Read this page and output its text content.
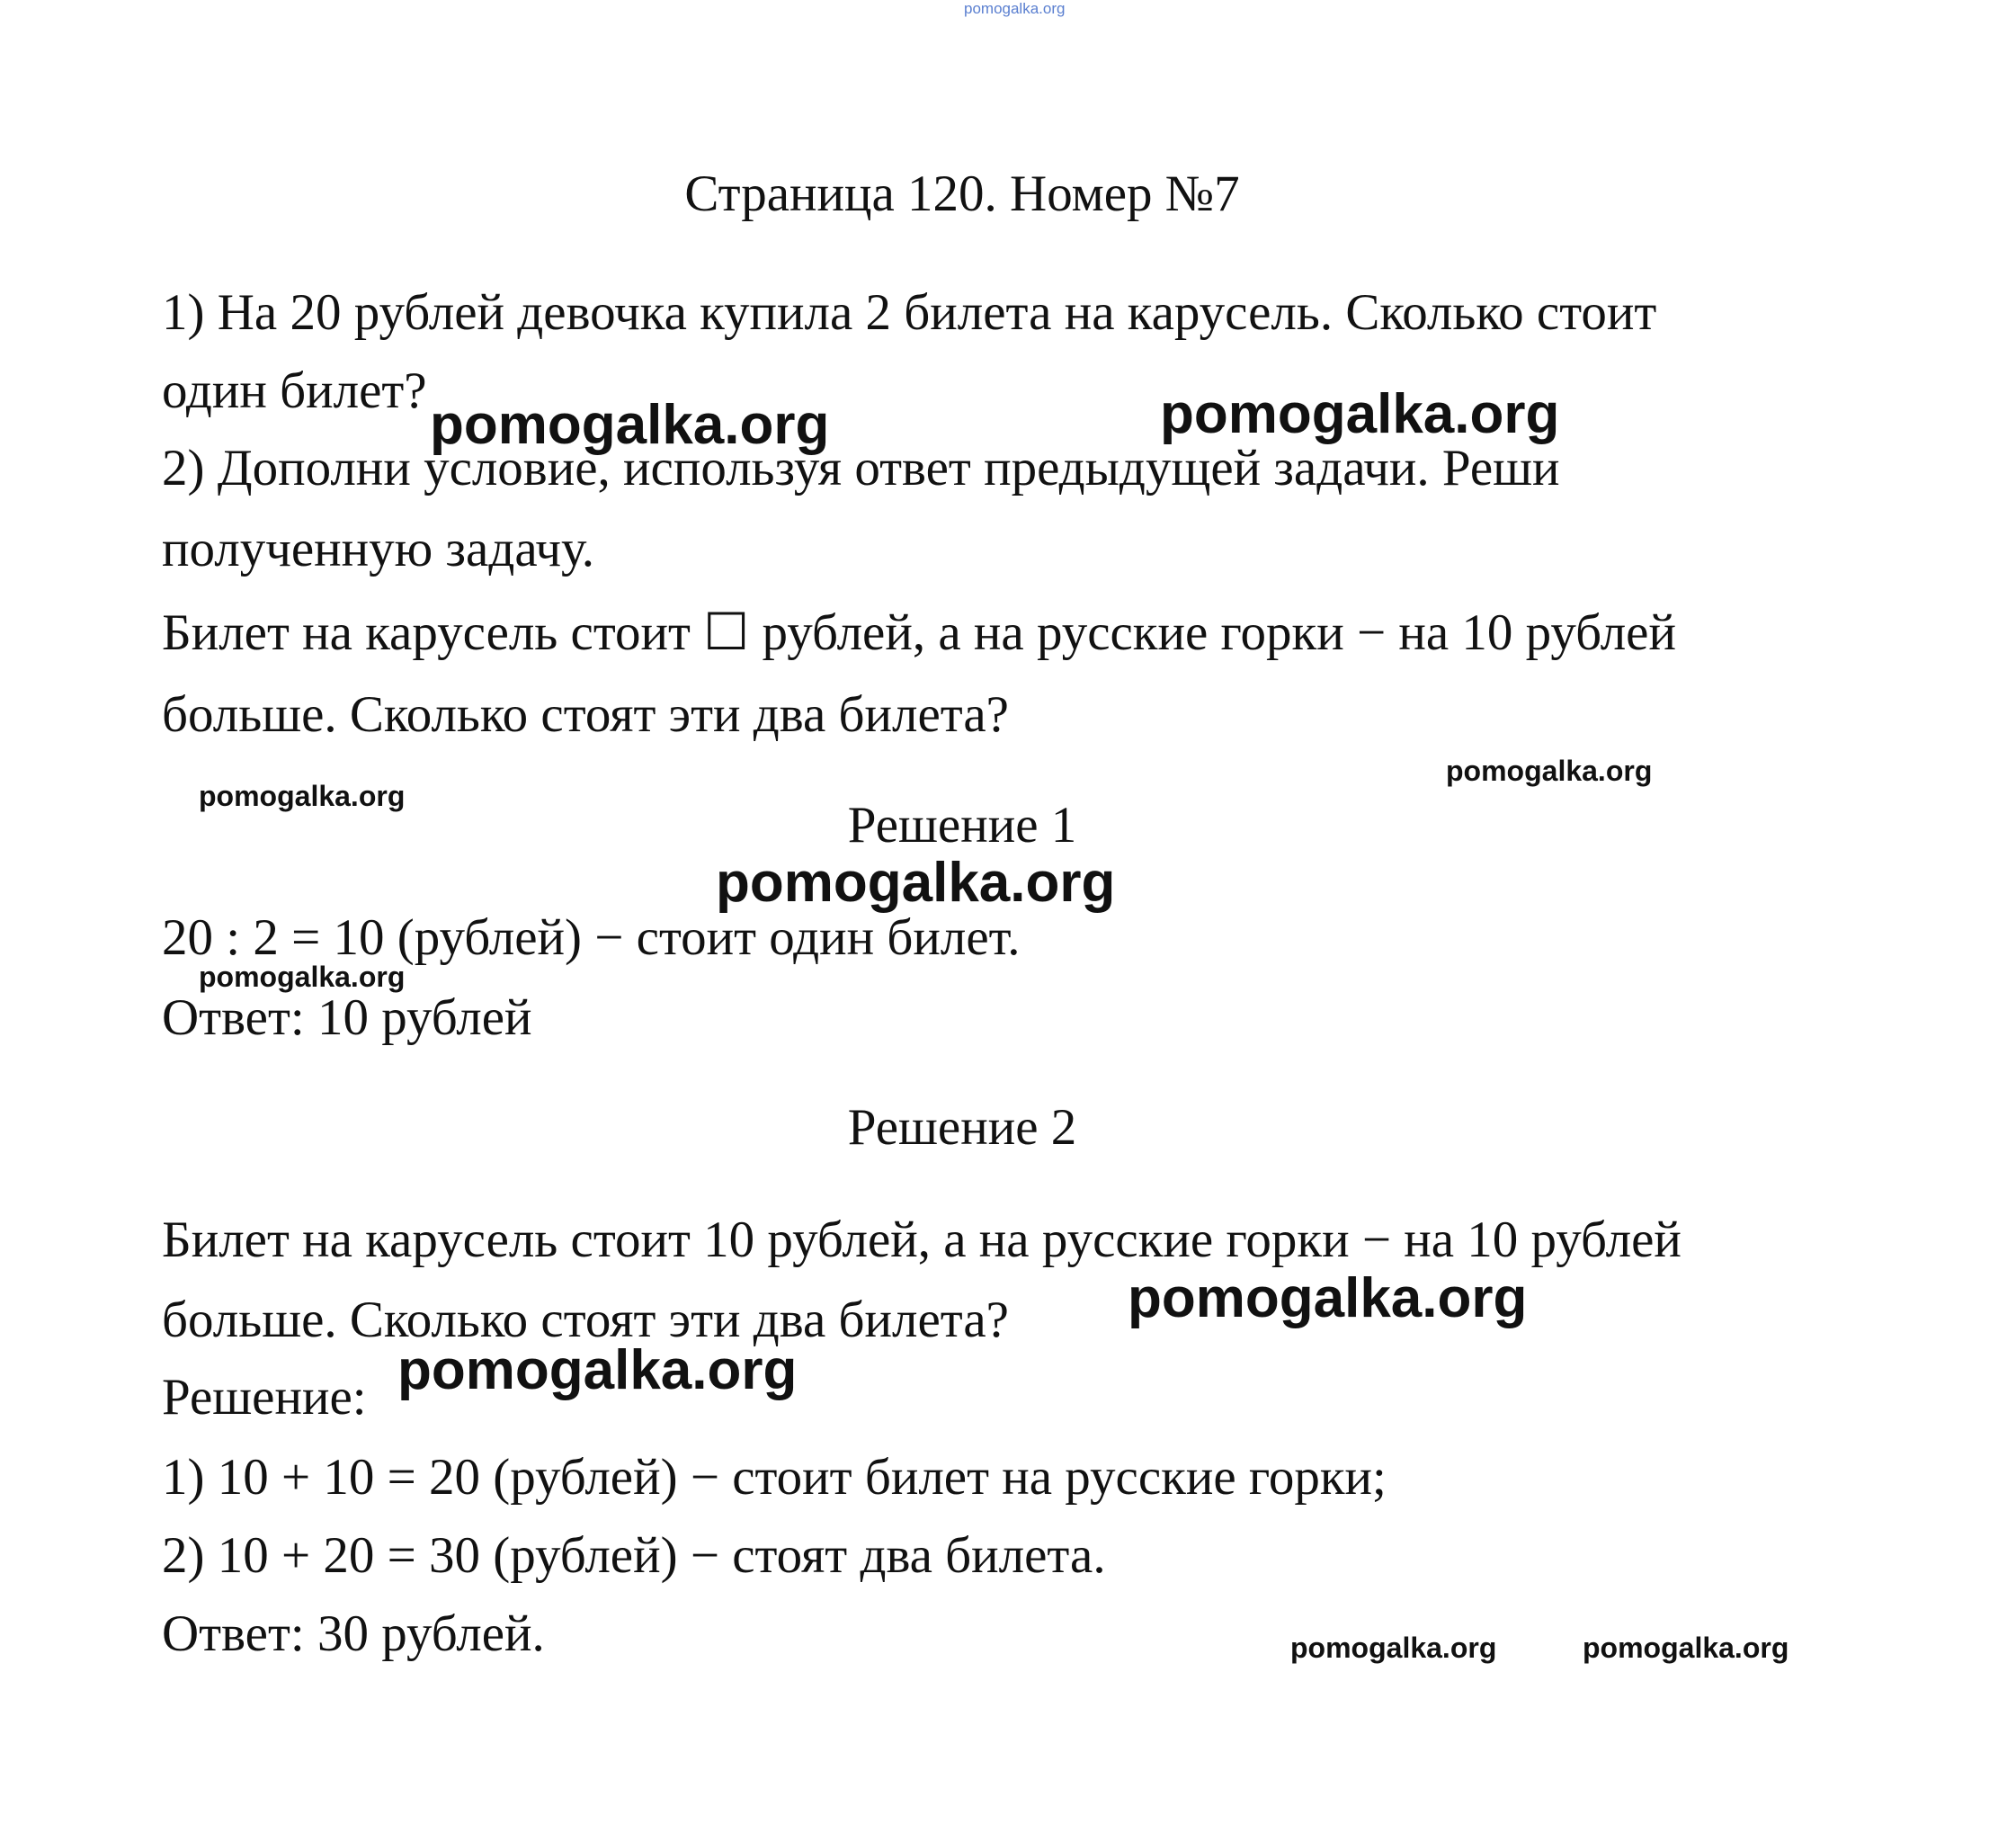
pomogalka.org
Страница 120. Номер №7
1) На 20 рублей девочка купила 2 билета на карусель. Сколько стоит
один билет?
2) Дополни условие, используя ответ предыдущей задачи. Реши
полученную задачу.
Билет на карусель стоит ☐ рублей, а на русские горки − на 10 рублей
больше. Сколько стоят эти два билета?
Решение 1
20 : 2 = 10 (рублей) − стоит один билет.
Ответ: 10 рублей
Решение 2
Билет на карусель стоит 10 рублей, а на русские горки − на 10 рублей
больше. Сколько стоят эти два билета?
Решение:
1) 10 + 10 = 20 (рублей) − стоит билет на русские горки;
2) 10 + 20 = 30 (рублей) − стоят два билета.
Ответ: 30 рублей.
pomogalka.org	pomogalka.org
pomogalka.org
pomogalka.org
pomogalka.org
pomogalka.org
pomogalka.org
pomogalka.org
pomogalka.org	pomogalka.org
